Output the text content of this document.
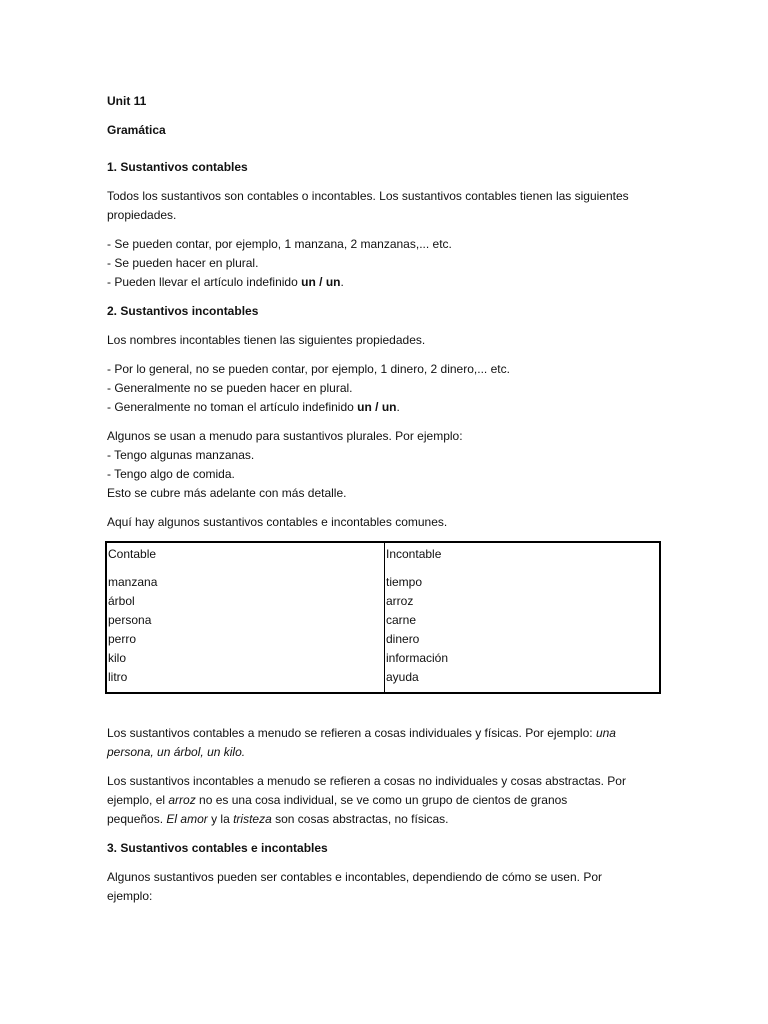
Unit 11

Gramática

1. Sustantivos contables

Todos los sustantivos son contables o incontables. Los sustantivos contables tienen las siguientes

propiedades.

- Se pueden contar, por ejemplo, 1 manzana, 2 manzanas,... etc.

- Se pueden hacer en plural.

- Pueden llevar el artículo indefinido un / un.

2. Sustantivos incontables

Los nombres incontables tienen las siguientes propiedades.

- Por lo general, no se pueden contar, por ejemplo, 1 dinero, 2 dinero,... etc.

- Generalmente no se pueden hacer en plural.

- Generalmente no toman el artículo indefinido un / un.

Algunos se usan a menudo para sustantivos plurales. Por ejemplo:

- Tengo algunas manzanas.

- Tengo algo de comida.

Esto se cubre más adelante con más detalle.

Aquí hay algunos sustantivos contables e incontables comunes.

Los sustantivos contables a menudo se refieren a cosas individuales y físicas. Por ejemplo: una

persona, un árbol, un kilo.

Los sustantivos incontables a menudo se refieren a cosas no individuales y cosas abstractas. Por

ejemplo, el arroz no es una cosa individual, se ve como un grupo de cientos de granos

pequeños. El amor y la tristeza son cosas abstractas, no físicas.

3. Sustantivos contables e incontables

Algunos sustantivos pueden ser contables e incontables, dependiendo de cómo se usen. Por

ejemplo:

Contable
manzana
árbol
persona
perro
kilo
litro
Incontable
tiempo
arroz
carne
dinero
información
ayuda
